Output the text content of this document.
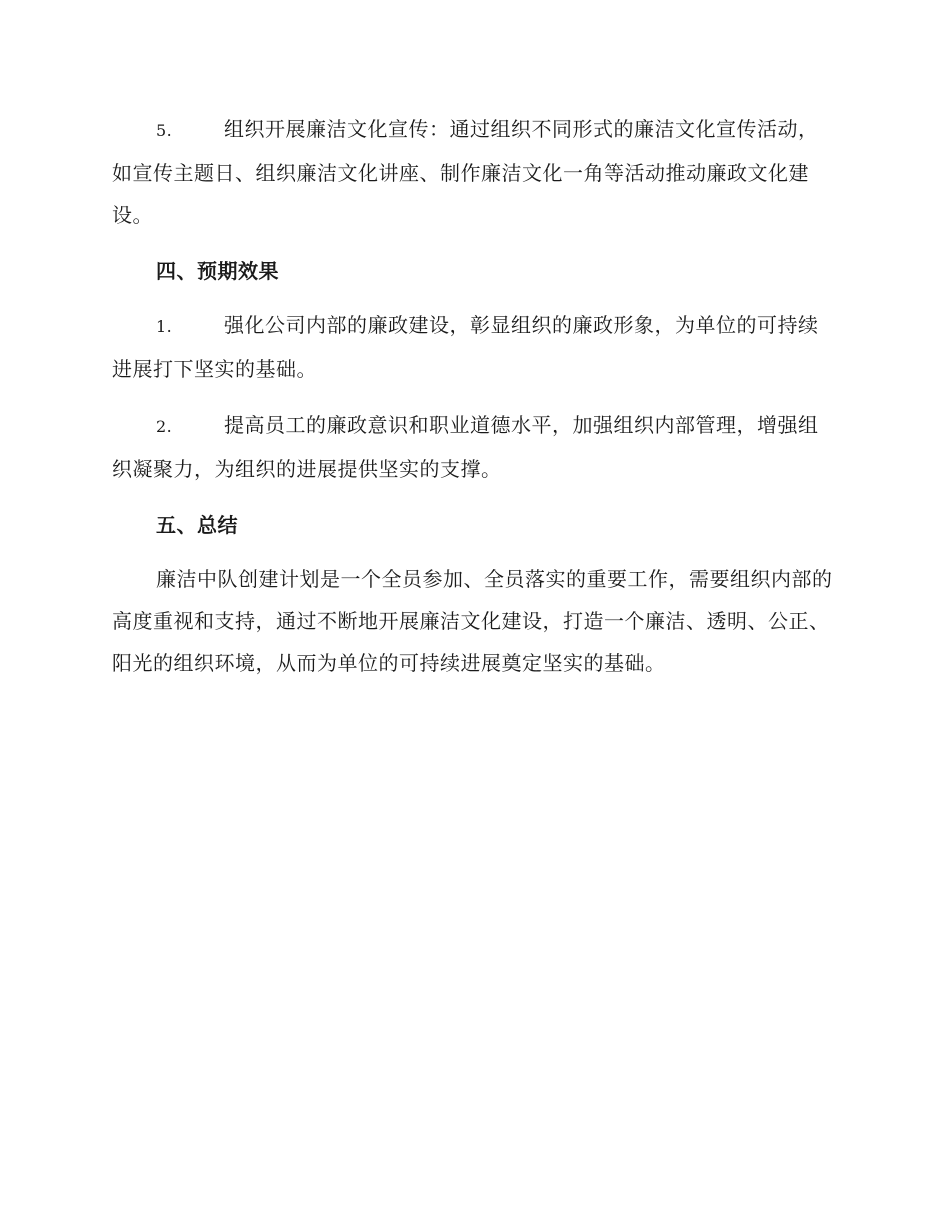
5.	组织开展廉洁文化宣传：通过组织不同形式的廉洁文化宣传活动，如宣传主题日、组织廉洁文化讲座、制作廉洁文化一角等活动推动廉政文化建设。

四、预期效果

1.	强化公司内部的廉政建设，彰显组织的廉政形象，为单位的可持续进展打下坚实的基础。

2.	提高员工的廉政意识和职业道德水平，加强组织内部管理，增强组织凝聚力，为组织的进展提供坚实的支撑。

五、总结

廉洁中队创建计划是一个全员参加、全员落实的重要工作，需要组织内部的高度重视和支持，通过不断地开展廉洁文化建设，打造一个廉洁、透明、公正、阳光的组织环境，从而为单位的可持续进展奠定坚实的基础。
